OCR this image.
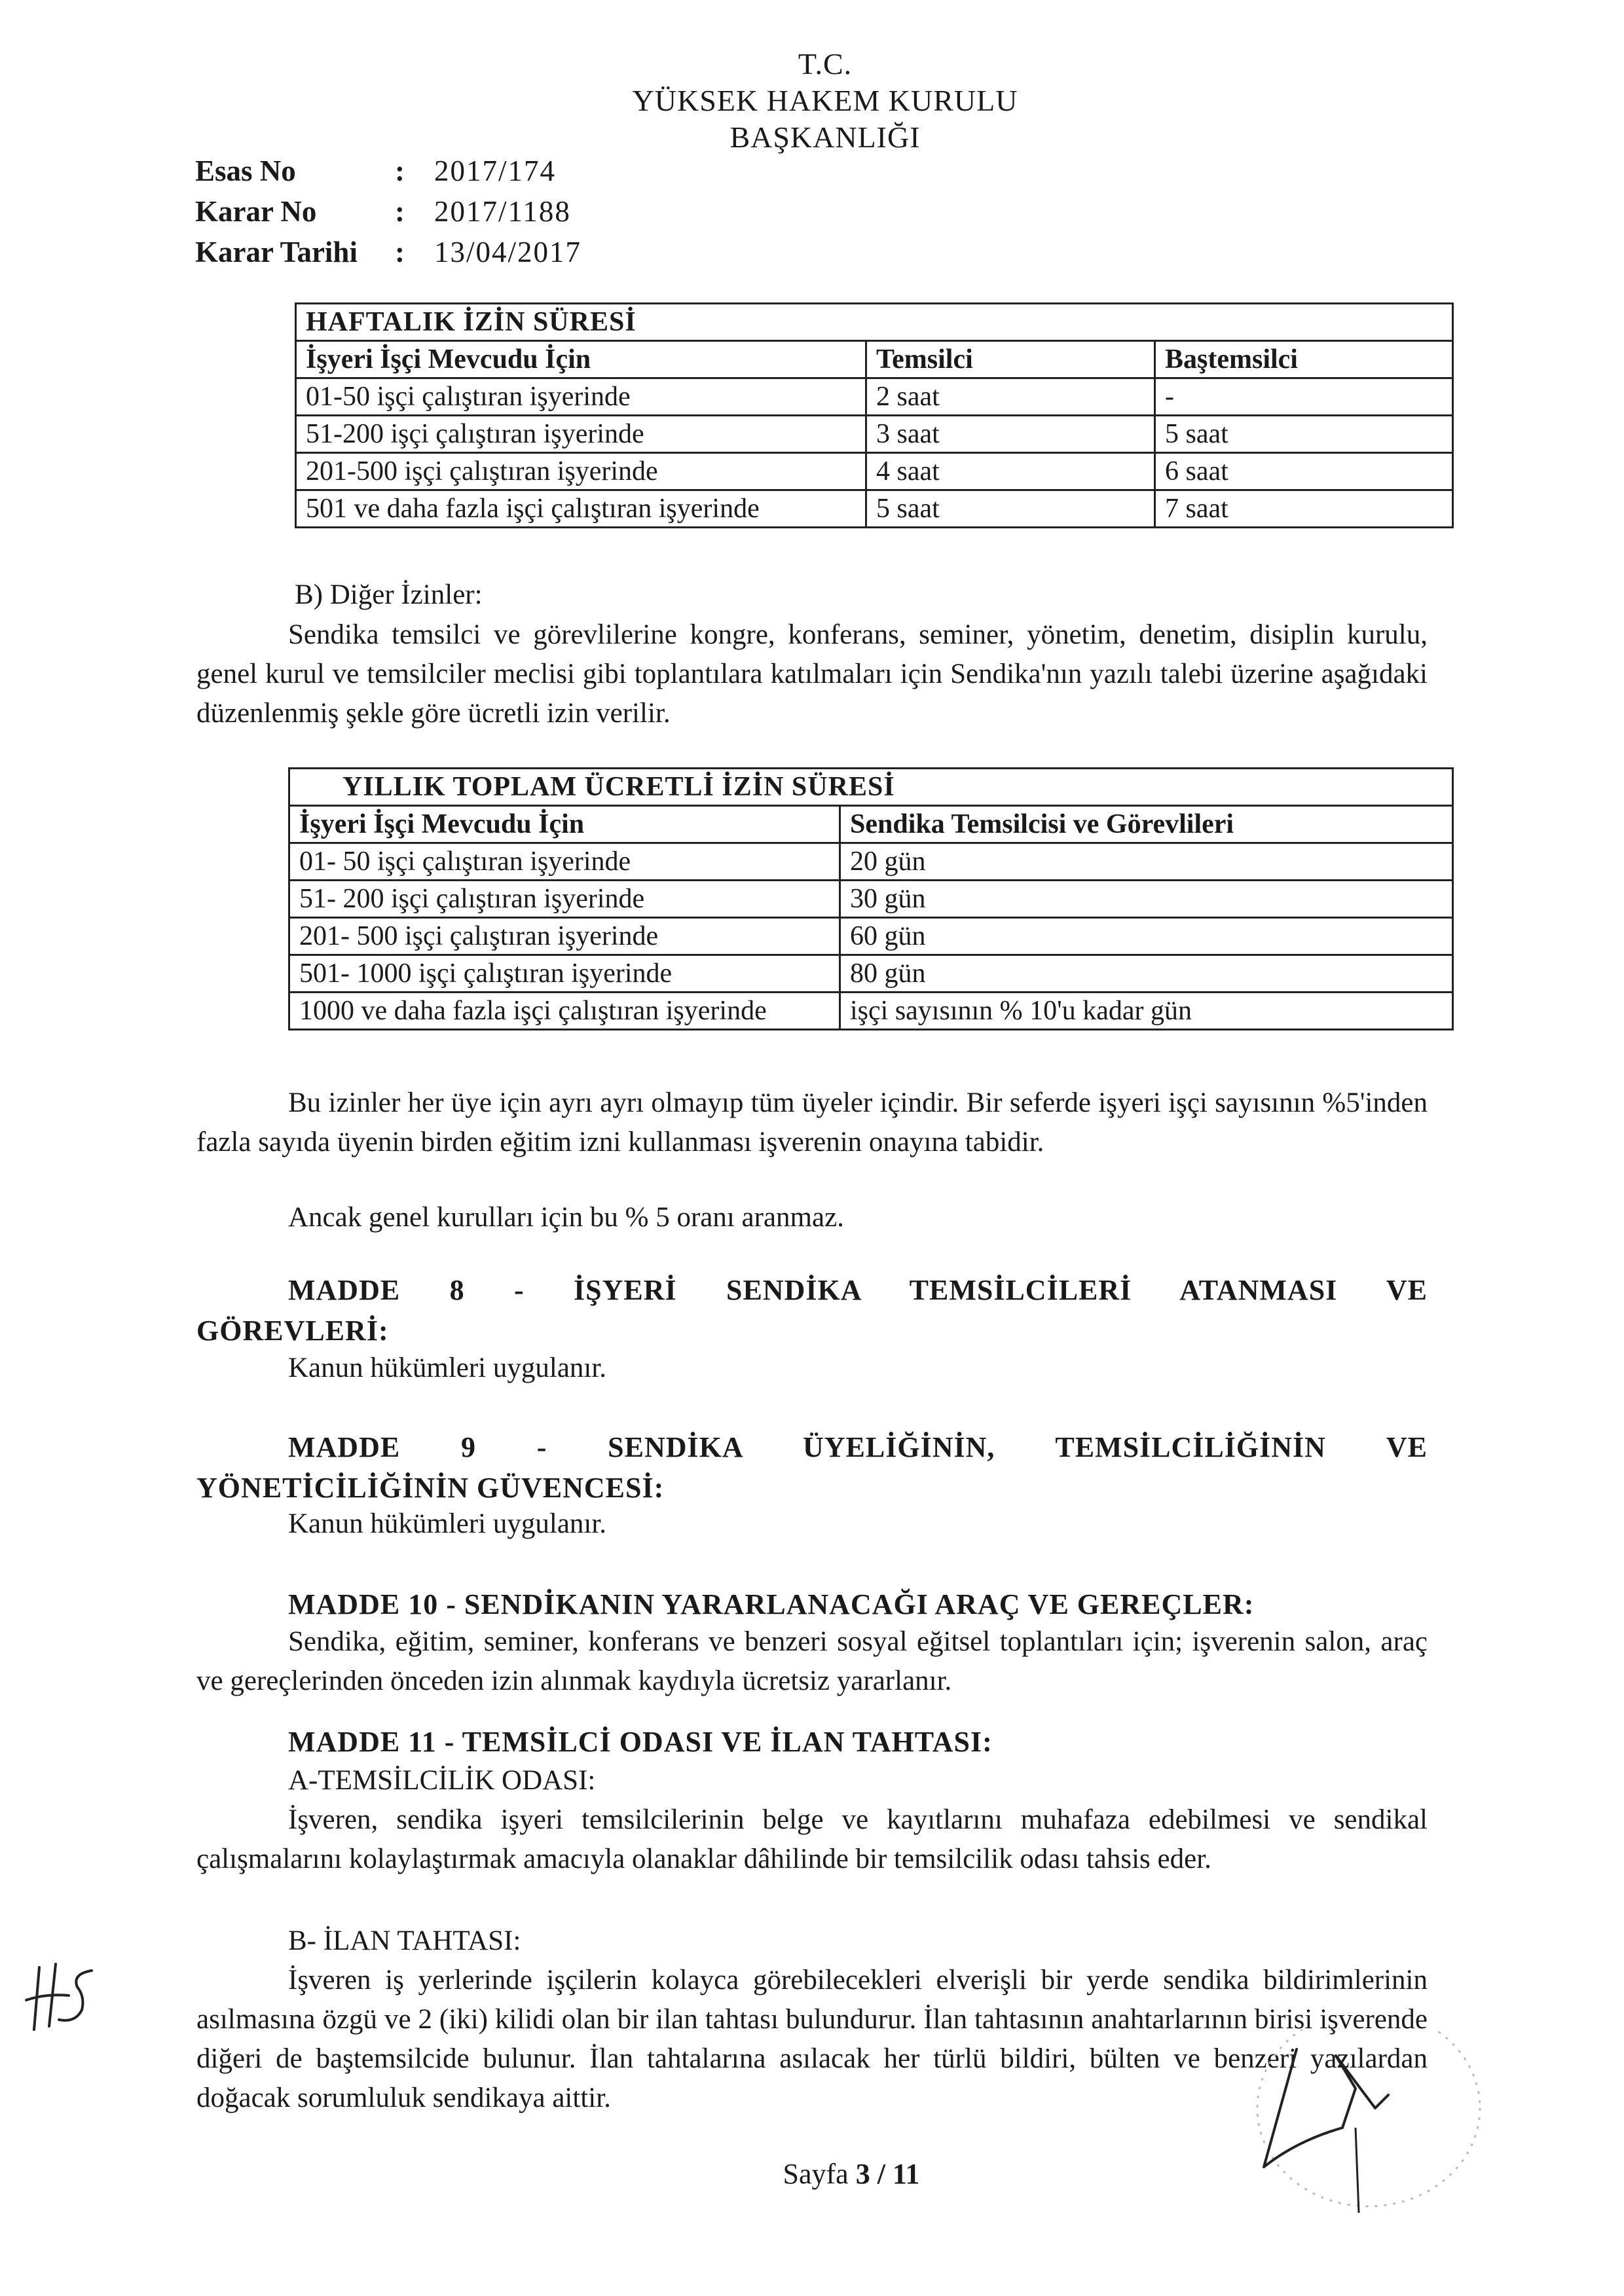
T.C.
YÜKSEK HAKEM KURULU
BAŞKANLIĞI
Esas No	:	2017/174
Karar No	:	2017/1188
Karar Tarihi	:	13/04/2017
HAFTALIK İZİN SÜRESİ		
İşyeri İşçi Mevcudu İçin	Temsilci	Baştemsilci
01-50 işçi çalıştıran işyerinde	2 saat	-
51-200 işçi çalıştıran işyerinde	3 saat	5 saat
201-500 işçi çalıştıran işyerinde	4 saat	6 saat
501 ve daha fazla işçi çalıştıran işyerinde	5 saat	7 saat
B) Diğer İzinler:
Sendika temsilci ve görevlilerine kongre, konferans, seminer, yönetim, denetim, disiplin kurulu, genel kurul ve temsilciler meclisi gibi toplantılara katılmaları için Sendika'nın yazılı talebi üzerine aşağıdaki düzenlenmiş şekle göre ücretli izin verilir.
YILLIK TOPLAM ÜCRETLİ İZİN SÜRESİ	
İşyeri İşçi Mevcudu İçin	Sendika Temsilcisi ve Görevlileri
01- 50 işçi çalıştıran işyerinde	20 gün
51- 200 işçi çalıştıran işyerinde	30 gün
201- 500 işçi çalıştıran işyerinde	60 gün
501- 1000 işçi çalıştıran işyerinde	80 gün
1000 ve daha fazla işçi çalıştıran işyerinde	işçi sayısının % 10'u kadar gün
Bu izinler her üye için ayrı ayrı olmayıp tüm üyeler içindir. Bir seferde işyeri işçi sayısının %5'inden fazla sayıda üyenin birden eğitim izni kullanması işverenin onayına tabidir.
Ancak genel kurulları için bu % 5 oranı aranmaz.
MADDE 8 - İŞYERİ SENDİKA TEMSİLCİLERİ ATANMASI VE
GÖREVLERİ:
Kanun hükümleri uygulanır.
MADDE 9 - SENDİKA ÜYELİĞİNİN, TEMSİLCİLİĞİNİN VE
YÖNETİCİLİĞİNİN GÜVENCESİ:
Kanun hükümleri uygulanır.
MADDE 10 - SENDİKANIN YARARLANACAĞI ARAÇ VE GEREÇLER:
Sendika, eğitim, seminer, konferans ve benzeri sosyal eğitsel toplantıları için; işverenin salon, araç ve gereçlerinden önceden izin alınmak kaydıyla ücretsiz yararlanır.
MADDE 11 - TEMSİLCİ ODASI VE İLAN TAHTASI:
A-TEMSİLCİLİK ODASI:
İşveren, sendika işyeri temsilcilerinin belge ve kayıtlarını muhafaza edebilmesi ve sendikal çalışmalarını kolaylaştırmak amacıyla olanaklar dâhilinde bir temsilcilik odası tahsis eder.
B- İLAN TAHTASI:
İşveren iş yerlerinde işçilerin kolayca görebilecekleri elverişli bir yerde sendika bildirimlerinin asılmasına özgü ve 2 (iki) kilidi olan bir ilan tahtası bulundurur. İlan tahtasının anahtarlarının birisi işverende diğeri de baştemsilcide bulunur. İlan tahtalarına asılacak her türlü bildiri, bülten ve benzeri yazılardan doğacak sorumluluk sendikaya aittir.
Sayfa 3 / 11
